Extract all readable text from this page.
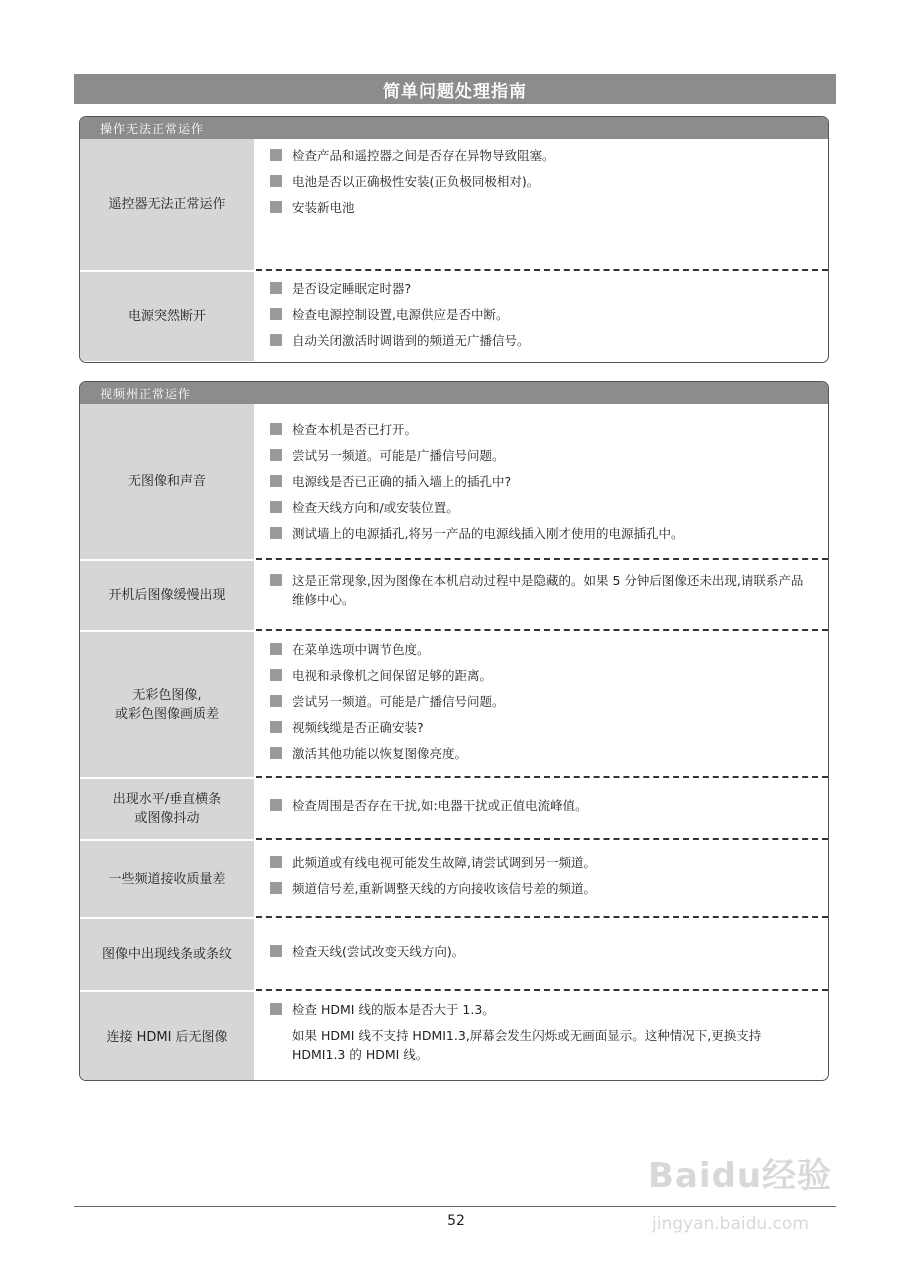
简单问题处理指南
操作无法正常运作
遥控器无法正常运作
检查产品和遥控器之间是否存在异物导致阻塞。
电池是否以正确极性安装(正负极同极相对)。
安装新电池
电源突然断开
是否设定睡眠定时器?
检查电源控制设置,电源供应是否中断。
自动关闭激活时调谐到的频道无广播信号。
视频州正常运作
无图像和声音
检查本机是否已打开。
尝试另一频道。可能是广播信号问题。
电源线是否已正确的插入墙上的插孔中?
检查天线方向和/或安装位置。
测试墙上的电源插孔,将另一产品的电源线插入刚才使用的电源插孔中。
开机后图像缓慢出现
这是正常现象,因为图像在本机启动过程中是隐藏的。如果 5 分钟后图像还未出现,请联系产品维修中心。
无彩色图像,
或彩色图像画质差
在菜单选项中调节色度。
电视和录像机之间保留足够的距离。
尝试另一频道。可能是广播信号问题。
视频线缆是否正确安装?
激活其他功能以恢复图像亮度。
出现水平/垂直横条
或图像抖动
检查周围是否存在干扰,如:电器干扰或正值电流峰值。
一些频道接收质量差
此频道或有线电视可能发生故障,请尝试调到另一频道。
频道信号差,重新调整天线的方向接收该信号差的频道。
图像中出现线条或条纹	检查天线(尝试改变天线方向)。
连接 HDMI 后无图像
检查 HDMI 线的版本是否大于 1.3。
如果 HDMI 线不支持 HDMI1.3,屏幕会发生闪烁或无画面显示。这种情况下,更换支持 HDMI1.3 的 HDMI 线。
Baidu经验
jingyan.baidu.com
52
